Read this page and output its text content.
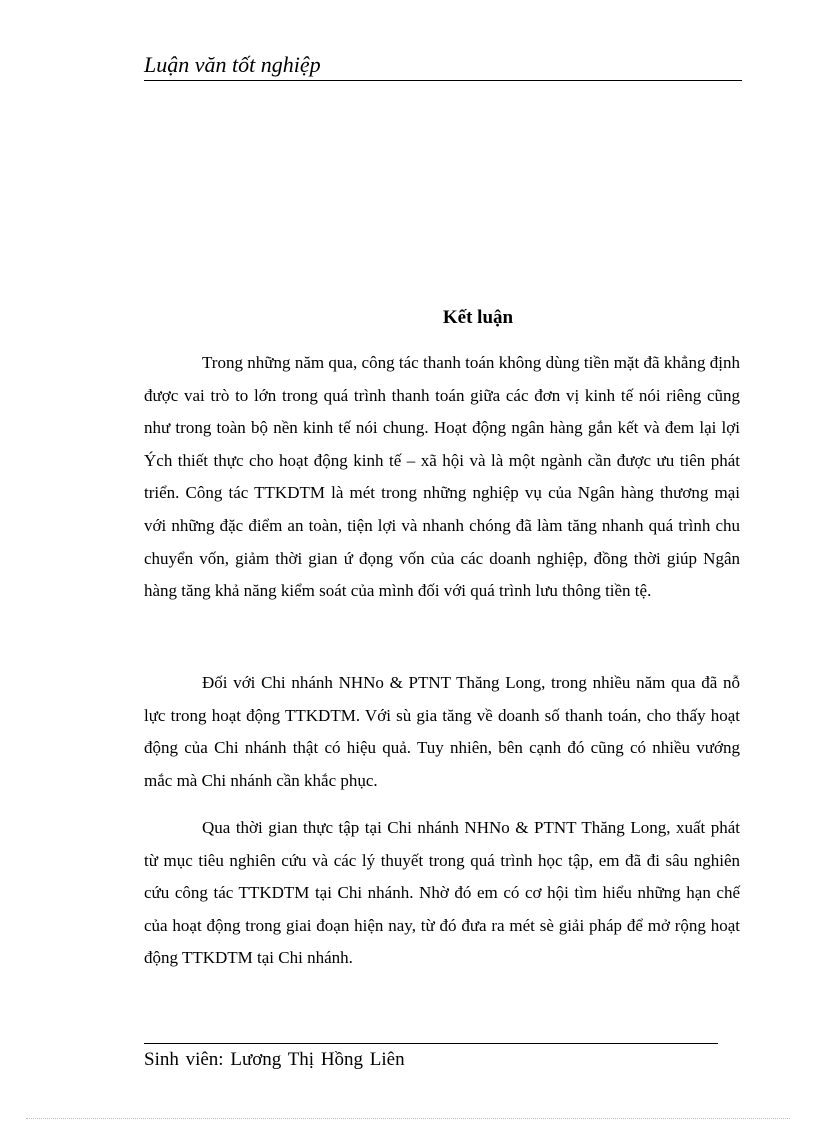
Luận văn tốt nghiệp
Kết luận

Trong những năm qua, công tác thanh toán không dùng tiền mặt đã khẳng định được vai trò to lớn trong quá trình thanh toán giữa các đơn vị kinh tế nói riêng cũng như trong toàn bộ nền kinh tế nói chung. Hoạt động ngân hàng gắn kết và đem lại lợi Ých thiết thực cho hoạt động kinh tế – xã hội và là một ngành cần được ưu tiên phát triển. Công tác TTKDTM là mét trong những nghiệp vụ của Ngân hàng thương mại với những đặc điểm an toàn, tiện lợi và nhanh chóng đã làm tăng nhanh quá trình chu chuyển vốn, giảm thời gian ứ đọng vốn của các doanh nghiệp, đồng thời giúp Ngân hàng tăng khả năng kiểm soát của mình đối với quá trình lưu thông tiền tệ.

Đối với Chi nhánh NHNo & PTNT Thăng Long, trong nhiều năm qua đã nỗ lực trong hoạt động TTKDTM. Với sù gia tăng về doanh số thanh toán, cho thấy hoạt động của Chi nhánh thật có hiệu quả. Tuy nhiên, bên cạnh đó cũng có nhiều vướng mắc mà Chi nhánh cần khắc phục.

Qua thời gian thực tập tại Chi nhánh NHNo & PTNT Thăng Long, xuất phát từ mục tiêu nghiên cứu và các lý thuyết trong quá trình học tập, em đã đi sâu nghiên cứu công tác TTKDTM tại Chi nhánh. Nhờ đó em có cơ hội tìm hiểu những hạn chế của hoạt động trong giai đoạn hiện nay, từ đó đưa ra mét sè giải pháp để mở rộng hoạt động TTKDTM tại Chi nhánh.

Sinh viên: Lương Thị Hồng Liên
